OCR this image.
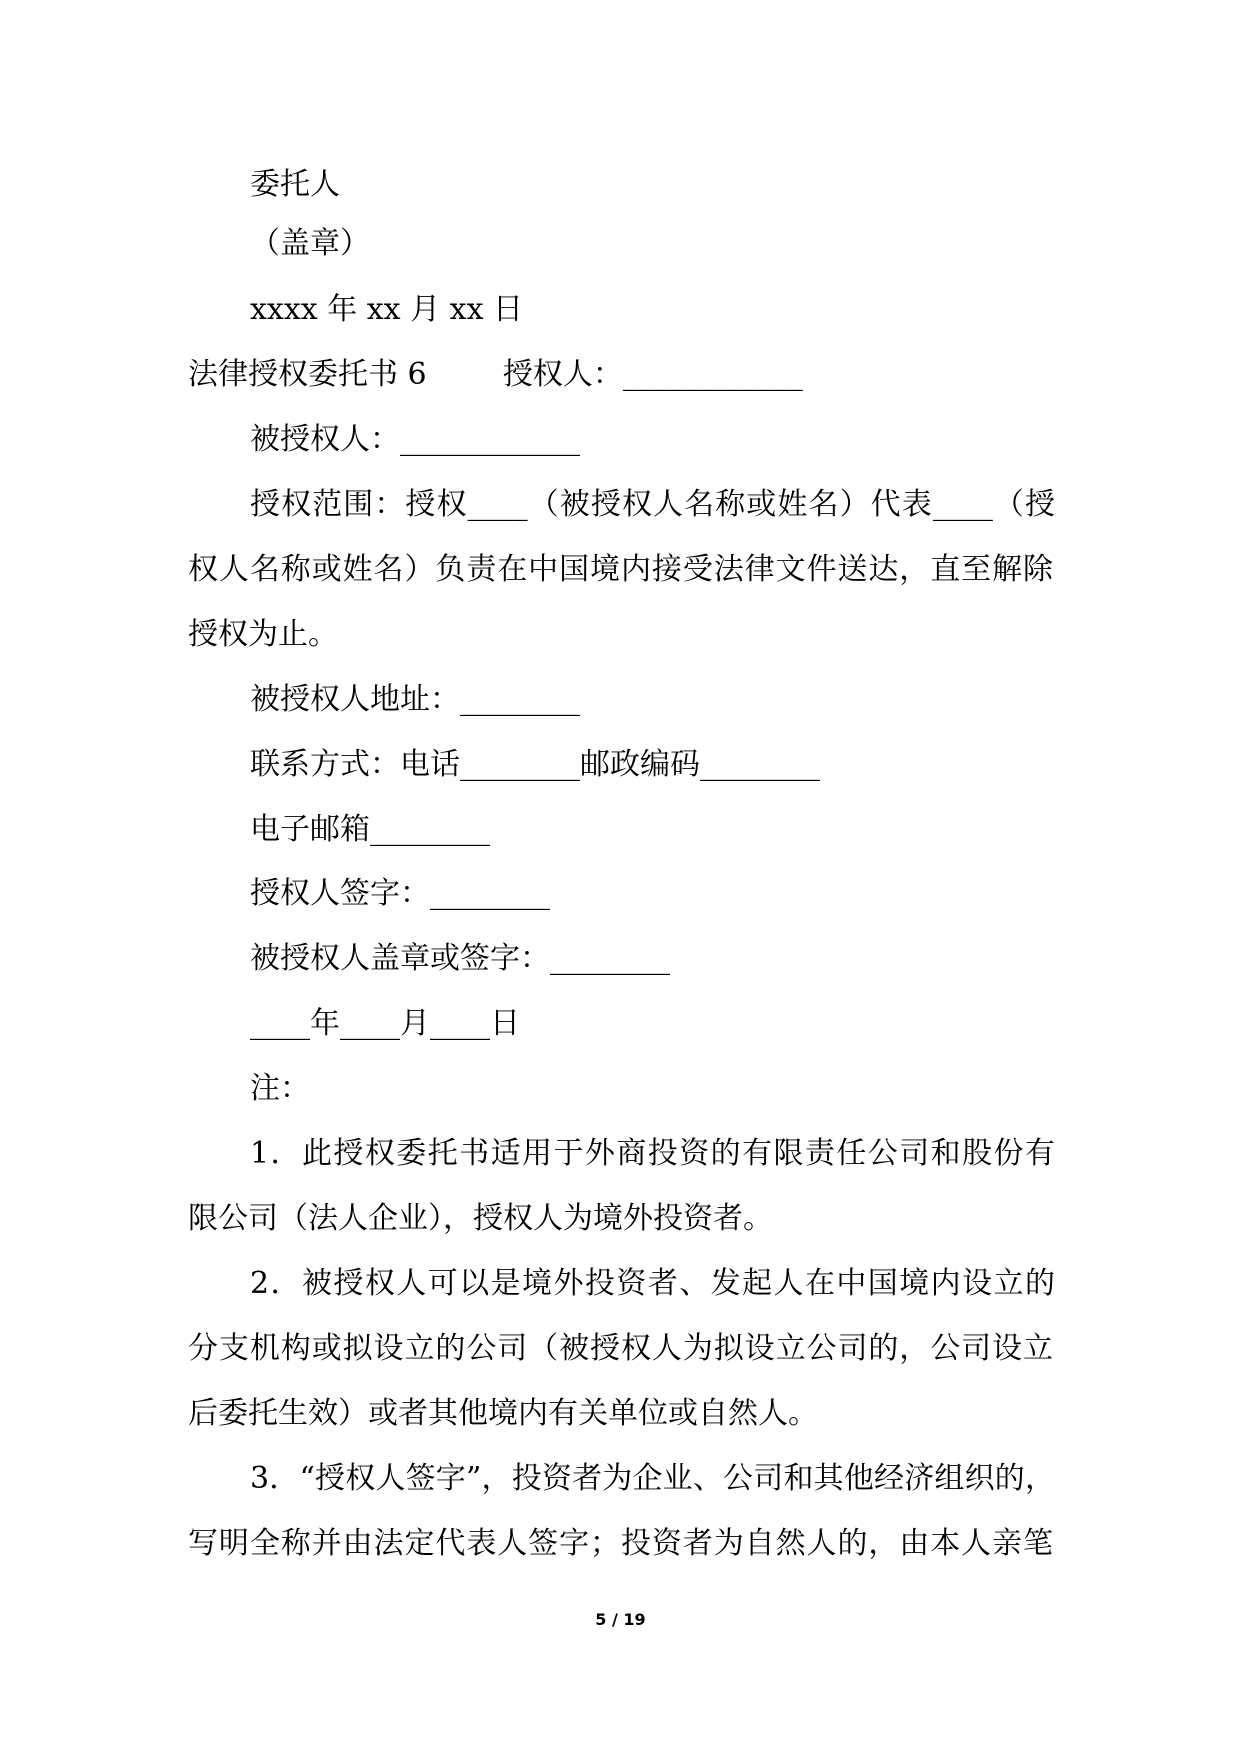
委托人
（盖章）
xxxx 年 xx 月 xx 日
法律授权委托书 6        授权人：____________
被授权人：____________
授权范围：授权____（被授权人名称或姓名）代表____（授
权人名称或姓名）负责在中国境内接受法律文件送达，直至解除
授权为止。
被授权人地址：________
联系方式：电话________邮政编码________
电子邮箱________
授权人签字：________
被授权人盖章或签字：________
____年____月____日
注：
1．此授权委托书适用于外商投资的有限责任公司和股份有
限公司（法人企业），授权人为境外投资者。
2．被授权人可以是境外投资者、发起人在中国境内设立的
分支机构或拟设立的公司（被授权人为拟设立公司的，公司设立
后委托生效）或者其他境内有关单位或自然人。
3．“授权人签字”，投资者为企业、公司和其他经济组织的，
写明全称并由法定代表人签字；投资者为自然人的，由本人亲笔
5 / 19
